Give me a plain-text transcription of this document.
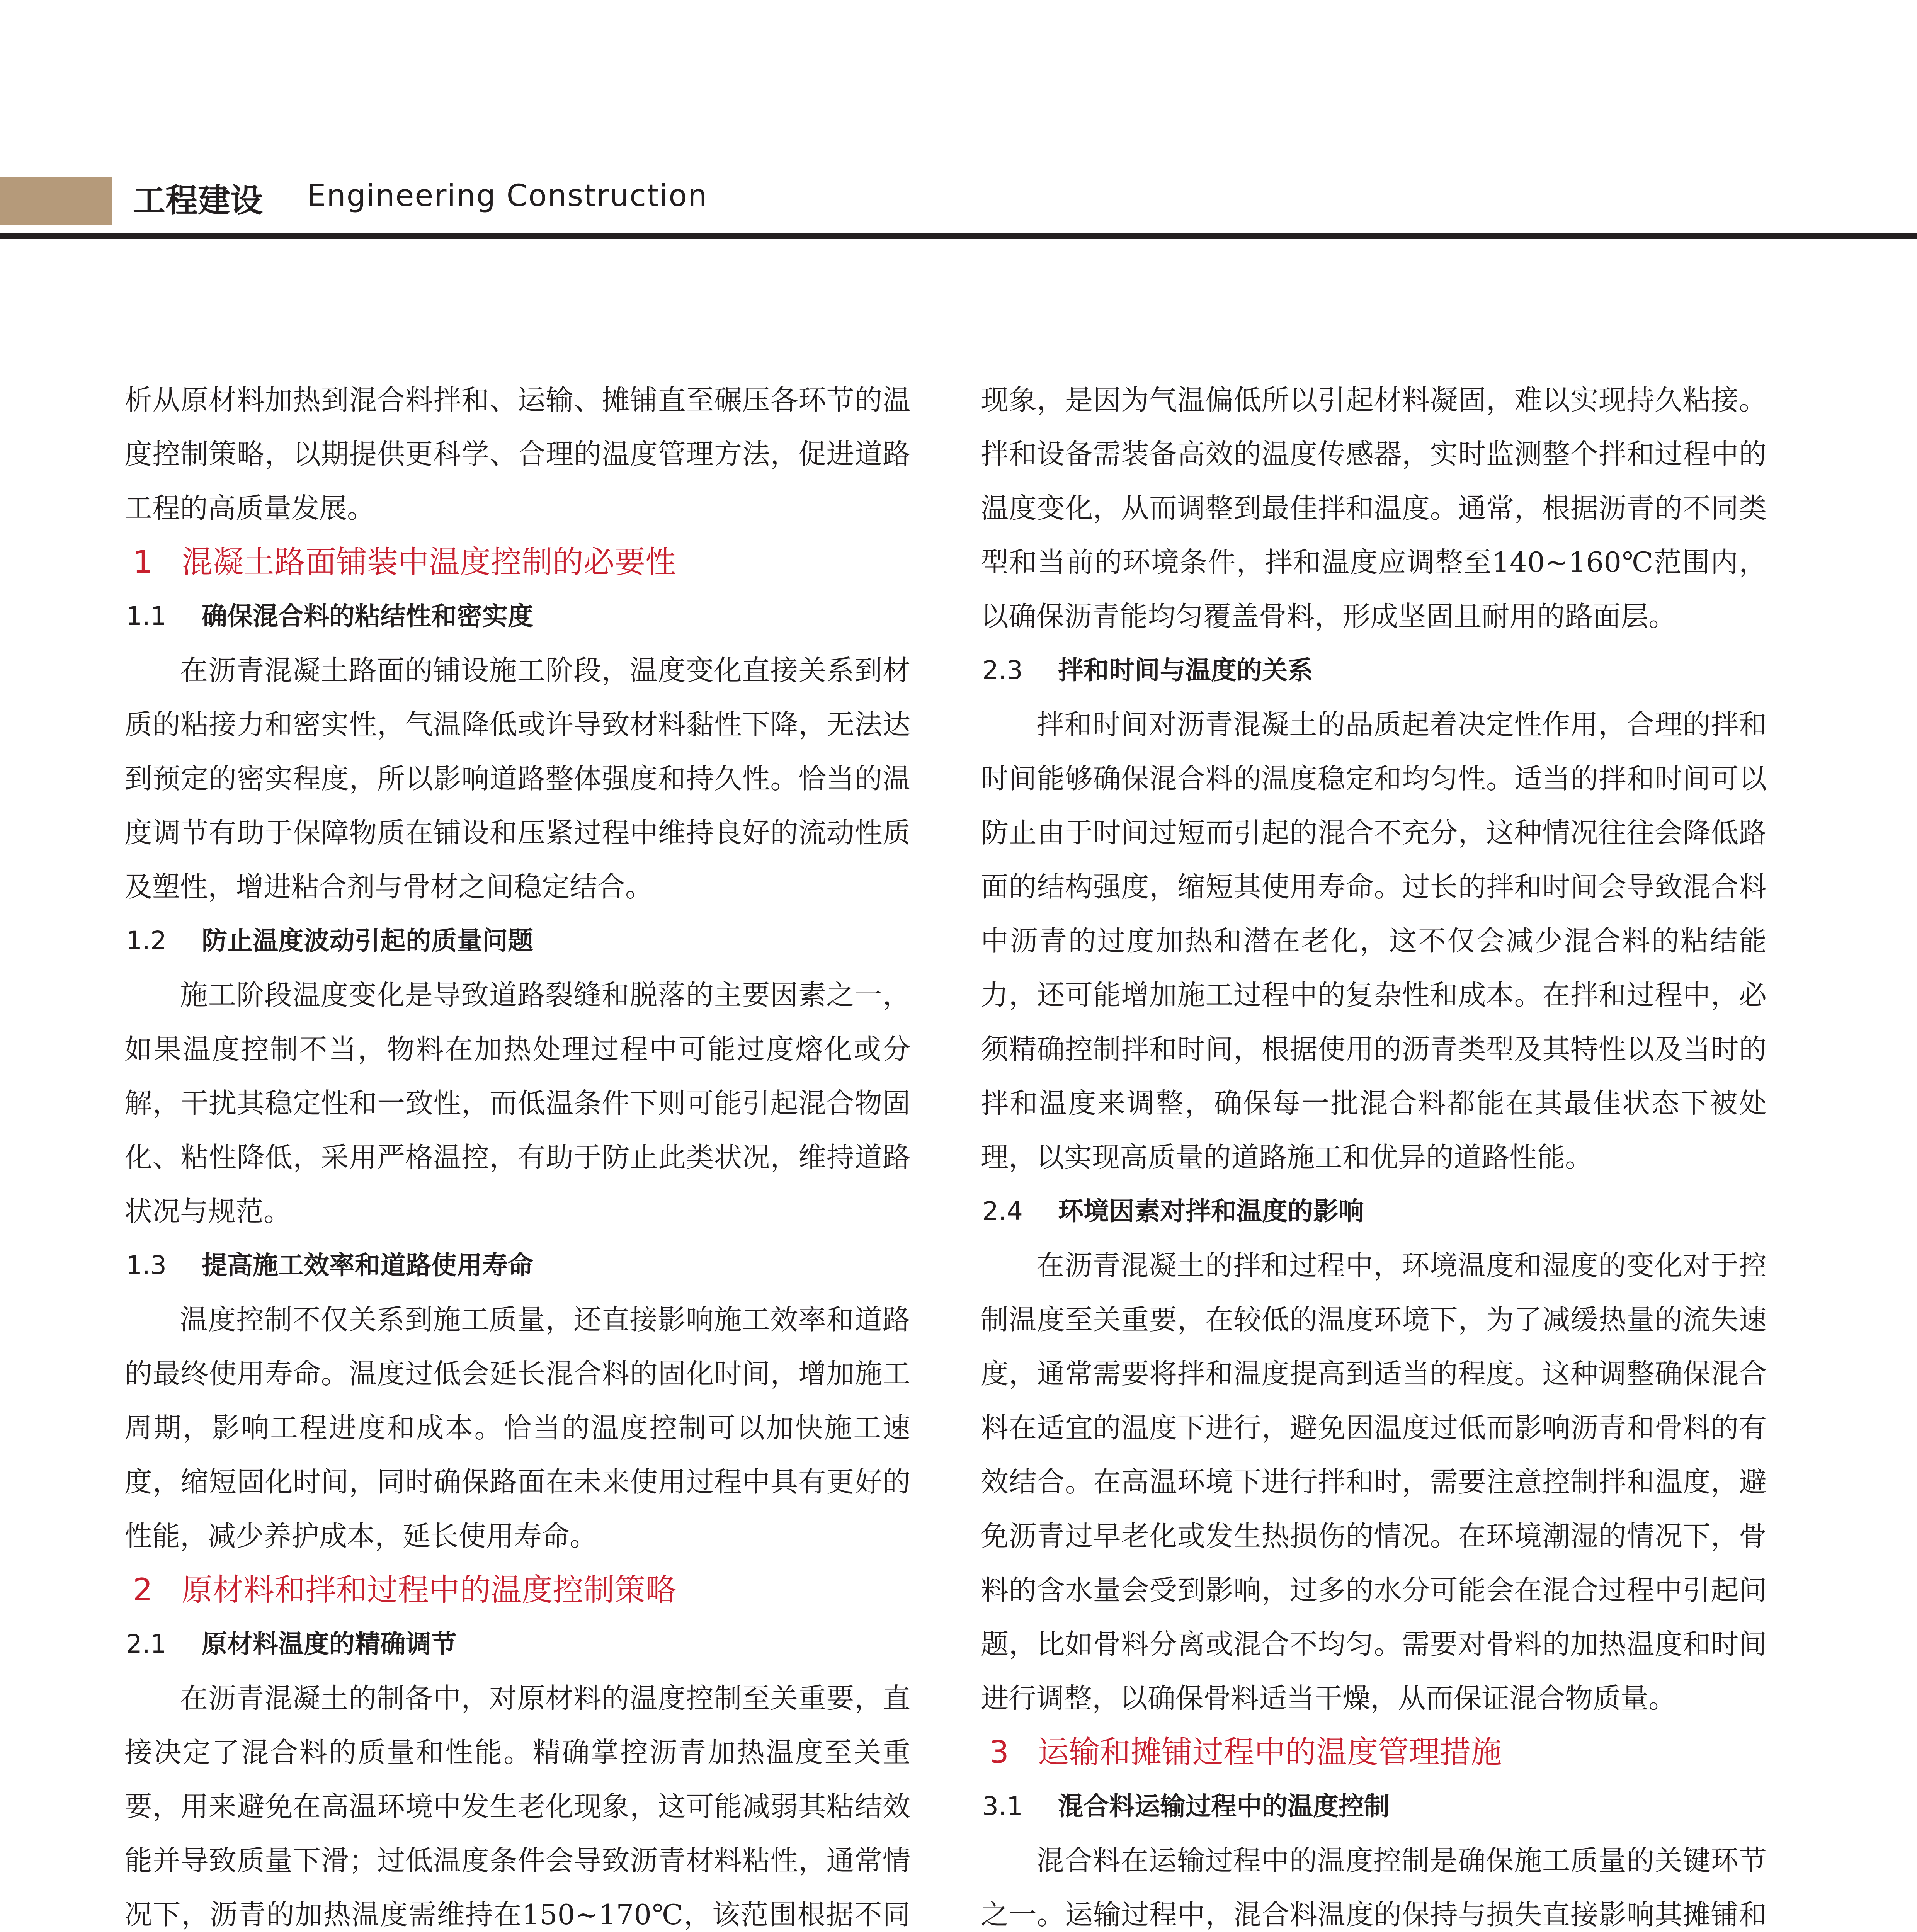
工程建设 Engineering Construction

析从原材料加热到混合料拌和、运输、摊铺直至碾压各环节的温度控制策略，以期提供更科学、合理的温度管理方法，促进道路工程的高质量发展。

1 混凝土路面铺装中温度控制的必要性
1.1 确保混合料的粘结性和密实度

在沥青混凝土路面的铺设施工阶段，温度变化直接关系到材质的粘接力和密实性，气温降低或许导致材料黏性下降，无法达到预定的密实程度，所以影响道路整体强度和持久性。恰当的温度调节有助于保障物质在铺设和压紧过程中维持良好的流动性质及塑性，增进粘合剂与骨材之间稳定结合。

1.2 防止温度波动引起的质量问题

施工阶段温度变化是导致道路裂缝和脱落的主要因素之一，如果温度控制不当，物料在加热处理过程中可能过度熔化或分解，干扰其稳定性和一致性，而低温条件下则可能引起混合物固化、粘性降低，采用严格温控，有助于防止此类状况，维持道路状况与规范。

1.3 提高施工效率和道路使用寿命

温度控制不仅关系到施工质量，还直接影响施工效率和道路的最终使用寿命。温度过低会延长混合料的固化时间，增加施工周期，影响工程进度和成本。恰当的温度控制可以加快施工速度，缩短固化时间，同时确保路面在未来使用过程中具有更好的性能，减少养护成本，延长使用寿命。

2 原材料和拌和过程中的温度控制策略
2.1 原材料温度的精确调节

在沥青混凝土的制备中，对原材料的温度控制至关重要，直接决定了混合料的质量和性能。精确掌控沥青加热温度至关重要，用来避免在高温环境中发生老化现象，这可能减弱其粘结效能并导致质量下滑；过低温度条件会导致沥青材料粘性，通常情况下，沥青的加热温度需维持在150~170℃，该范围根据不同

现象，是因为气温偏低所以引起材料凝固，难以实现持久粘接。拌和设备需装备高效的温度传感器，实时监测整个拌和过程中的温度变化，从而调整到最佳拌和温度。通常，根据沥青的不同类型和当前的环境条件，拌和温度应调整至140~160℃范围内，以确保沥青能均匀覆盖骨料，形成坚固且耐用的路面层。

2.3 拌和时间与温度的关系

拌和时间对沥青混凝土的品质起着决定性作用，合理的拌和时间能够确保混合料的温度稳定和均匀性。适当的拌和时间可以防止由于时间过短而引起的混合不充分，这种情况往往会降低路面的结构强度，缩短其使用寿命。过长的拌和时间会导致混合料中沥青的过度加热和潜在老化，这不仅会减少混合料的粘结能力，还可能增加施工过程中的复杂性和成本。在拌和过程中，必须精确控制拌和时间，根据使用的沥青类型及其特性以及当时的拌和温度来调整，确保每一批混合料都能在其最佳状态下被处理，以实现高质量的道路施工和优异的道路性能。

2.4 环境因素对拌和温度的影响

在沥青混凝土的拌和过程中，环境温度和湿度的变化对于控制温度至关重要，在较低的温度环境下，为了减缓热量的流失速度，通常需要将拌和温度提高到适当的程度。这种调整确保混合料在适宜的温度下进行，避免因温度过低而影响沥青和骨料的有效结合。在高温环境下进行拌和时，需要注意控制拌和温度，避免沥青过早老化或发生热损伤的情况。在环境潮湿的情况下，骨料的含水量会受到影响，过多的水分可能会在混合过程中引起问题，比如骨料分离或混合不均匀。需要对骨料的加热温度和时间进行调整，以确保骨料适当干燥，从而保证混合物质量。

3 运输和摊铺过程中的温度管理措施
3.1 混合料运输过程中的温度控制

混合料在运输过程中的温度控制是确保施工质量的关键环节之一。运输过程中，混合料温度的保持与损失直接影响其摊铺和
